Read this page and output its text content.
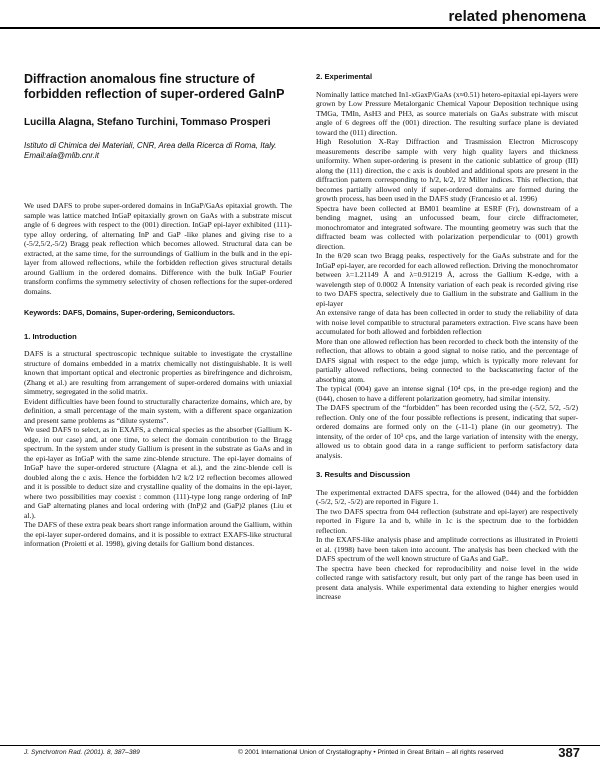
related phenomena
Diffraction anomalous fine structure of forbidden reflection of super-ordered GaInP
Lucilla Alagna, Stefano Turchini, Tommaso Prosperi
Istituto di Chimica dei Materiali, CNR, Area della Ricerca di Roma, Italy.
Email:ala@mlib.cnr.it

We used DAFS to probe super-ordered domains in InGaP/GaAs epitaxial growth. The sample was lattice matched InGaP epitaxially grown on GaAs with a substrate miscut angle of 6 degrees with respect to the (001) direction. InGaP epi-layer exhibited (111)-type alloy ordering, of alternating InP and GaP -like planes and giving rise to a (-5/2,5/2,-5/2) Bragg peak reflection which becomes allowed. Structural data can be extracted, at the same time, for the surroundings of Gallium in the bulk and in the epi-layer from allowed reflections, while the forbidden reflection gives structural details around Gallium in the ordered domains. Difference with the bulk InGaP Fourier transform confirms the symmetry selectivity of chosen reflections for the super-ordered domains.

Keywords: DAFS, Domains, Super-ordering, Semiconductors.
1. Introduction

DAFS is a structural spectroscopic technique suitable to investigate the crystalline structure of domains embedded in a matrix chemically not distinguishable. It is well known that important optical and electronic properties as birefringence and dichroism, (Zhang et al.) are resulting from arrangement of super-ordered domains with uniaxial simmetry, segregated in the solid matrix.

Evident difficulties have been found to structurally characterize domains, which are, by definition, a small percentage of the main system, with a different space organization and present same problems as “dilute systems”.

We used DAFS to select, as in EXAFS, a chemical species as the absorber (Gallium K-edge, in our case) and, at one time, to select the domain contribution to the Bragg spectrum. In the system under study Gallium is present in the substrate as GaAs and in the epi-layer as InGaP with the same zinc-blende structure. The epi-layer domains of InGaP have the super-ordered structure (Alagna et al.), and the zinc-blende cell is doubled along the c axis. Hence the forbidden h/2 k/2 l/2 reflection becomes allowed and it is possible to deduct size and crystalline quality of the domains in the epi-layer, where two possibilities may coexist : common (111)-type long range ordering of InP and GaP alternating planes and local ordering with (InP)2 and (GaP)2 planes (Liu et al.).

The DAFS of these extra peak bears short range information around the Gallium, within the epi-layer super-ordered domains, and it is possible to extract EXAFS-like structural information (Proietti et al. 1998), giving details for Gallium bond distances.

2. Experimental

Nominally lattice matched In1-xGaxP/GaAs (x≈0.51) hetero-epitaxial epi-layers were grown by Low Pressure Metalorganic Chemical Vapour Deposition technique using TMGa, TMIn, AsH3 and PH3, as source materials on GaAs substrate with miscut angle of 6 degrees off the (001) direction. The resulting surface plane is deviated toward the (011) direction.

High Resolution X-Ray Diffraction and Trasmission Electron Microscopy measurements describe sample with very high quality layers and thickness uniformity. When super-ordering is present in the cationic sublattice of group (III) along the (111) direction, the c axis is doubled and additional spots are present in the diffraction pattern corresponding to h/2, k/2, l/2 Miller indices. This reflection, that becomes partially allowed only if super-ordered domains are formed during the growth process, has been used in the DAFS study (Francesio et al. 1996)

Spectra have been collected at BM01 beamline at ESRF (Fr), downstream of a bending magnet, using an unfocussed beam, four circle diffractometer, monochromator and integrated software. The mounting geometry was such that the diffracted beam was collected with polarization perpendicular to (001) growth direction.

In the θ/2θ scan two Bragg peaks, respectively for the GaAs substrate and for the InGaP epi-layer, are recorded for each allowed reflection. Driving the monochromator between λ=1.21149 Å and λ=0.91219 Å, across the Gallium K-edge, with a wavelength step of 0.0002 Å Intensity variation of each peak is recorded giving rise to two DAFS spectra, selectively due to Gallium in the substrate and Gallium in the epi-layer

An extensive range of data has been collected in order to study the reliability of data with noise level compatible to structural parameters extraction. Five scans have been accumulated for both allowed and forbidden reflection

More than one allowed reflection has been recorded to check both the intensity of the reflection, that allows to obtain a good signal to noise ratio, and the percentage of DAFS signal with respect to the edge jump, which is typically more relevant for partially allowed reflections, being connected to the backscattering factor of the absorbing atom.

The typical (004) gave an intense signal (10⁴ cps, in the pre-edge region) and the (044), chosen to have a different polarization geometry, had similar intensity.

The DAFS spectrum of the “forbidden” has been recorded using the (-5/2, 5/2, -5/2) reflection. Only one of the four possible reflections is present, indicating that super-ordered domains are formed only on the (-11-1) plane (in our geometry). The intensity, of the order of 10³ cps, and the large variation of intensity with the energy, allowed us to obtain good data in a range sufficient to perform satisfactory data analysis.

3. Results and Discussion

The experimental extracted DAFS spectra, for the allowed (044) and the forbidden (-5/2, 5/2, -5/2) are reported in Figure 1.

The two DAFS spectra from 044 reflection (substrate and epi-layer) are respectively reported in Figure 1a and b, while in 1c is the spectrum due to the forbidden reflection.

In the EXAFS-like analysis phase and amplitude corrections as illustrated in Proietti et al. (1998) have been taken into account. The analysis has been checked with the DAFS spectrum of the well known structure of GaAs and GaP..

The spectra have been checked for reproducibility and noise level in the wide collected range with satisfactory result, but only part of the range has been used in present data analysis. While experimental data extending to higher energies would increase

J. Synchrotron Rad. (2001). 8, 387–389	© 2001 International Union of Crystallography • Printed in Great Britain – all rights reserved	387
